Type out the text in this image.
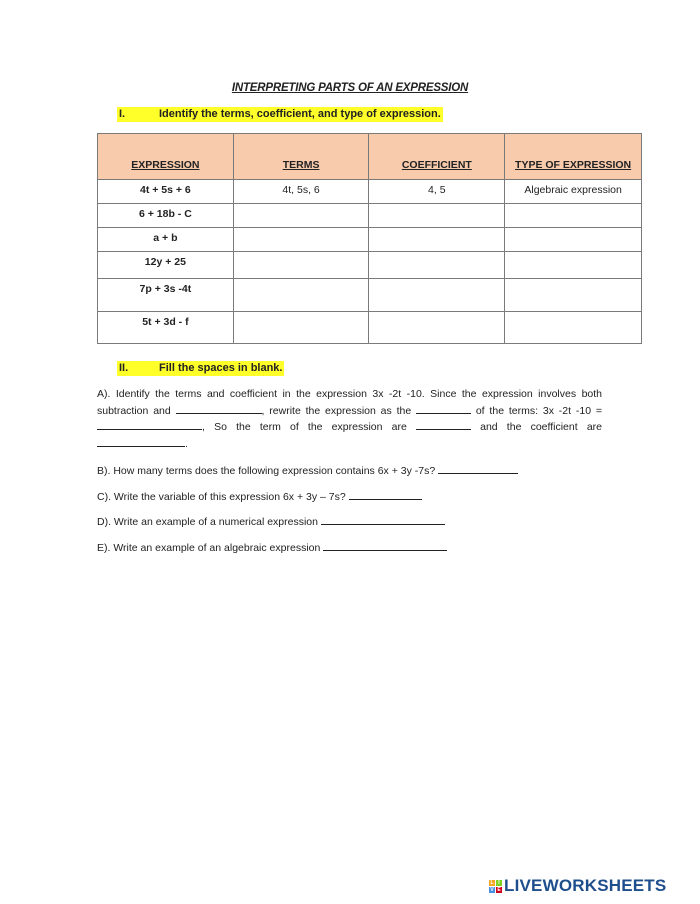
INTERPRETING PARTS OF AN EXPRESSION
I.	Identify the terms, coefficient, and type of expression.
EXPRESSION	TERMS	COEFFICIENT	TYPE OF EXPRESSION
4t + 5s + 6	4t, 5s, 6	4, 5	Algebraic expression
6 + 18b - C			
a + b			
12y + 25			
7p + 3s -4t			
5t + 3d - f			
II.	Fill the spaces in blank.
A). Identify the terms and coefficient in the expression 3x -2t -10. Since the expression involves both subtraction and	, rewrite the expression as the	of the terms: 3x -2t -10 = , So the term of the expression are	and the coefficient are .
B). How many terms does the following expression contains 6x + 3y -7s?
C). Write the variable of this expression 6x + 3y – 7s?
D). Write an example of a numerical expression
E). Write an example of an algebraic expression
L I
V E LIVEWORKSHEETS
